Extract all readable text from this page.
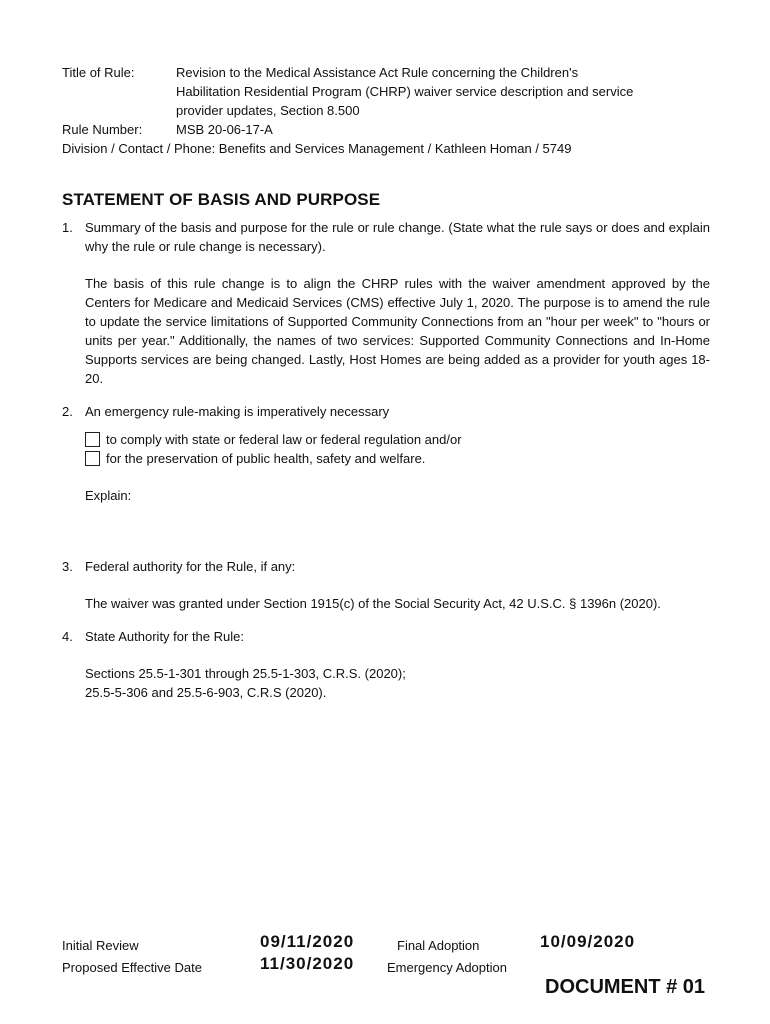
Title of Rule:	Revision to the Medical Assistance Act Rule concerning the Children's
Habilitation Residential Program (CHRP) waiver service description and service
provider updates, Section 8.500
Rule Number:	MSB 20-06-17-A
Division / Contact / Phone: Benefits and Services Management / Kathleen Homan / 5749
STATEMENT OF BASIS AND PURPOSE
1. Summary of the basis and purpose for the rule or rule change. (State what the rule says or does and explain why the rule or rule change is necessary).
The basis of this rule change is to align the CHRP rules with the waiver amendment approved by the Centers for Medicare and Medicaid Services (CMS) effective July 1, 2020. The purpose is to amend the rule to update the service limitations of Supported Community Connections from an "hour per week" to "hours or units per year." Additionally, the names of two services: Supported Community Connections and In-Home Supports services are being changed. Lastly, Host Homes are being added as a provider for youth ages 18-20.
2. An emergency rule-making is imperatively necessary
to comply with state or federal law or federal regulation and/or
for the preservation of public health, safety and welfare.
Explain:
3. Federal authority for the Rule, if any:
The waiver was granted under Section 1915(c) of the Social Security Act, 42 U.S.C. § 1396n (2020).
4. State Authority for the Rule:
Sections 25.5-1-301 through 25.5-1-303, C.R.S. (2020);
25.5-5-306 and 25.5-6-903, C.R.S (2020).
Initial Review	09/11/2020	Final Adoption	10/09/2020
Proposed Effective Date	11/30/2020	Emergency Adoption
DOCUMENT # 01
